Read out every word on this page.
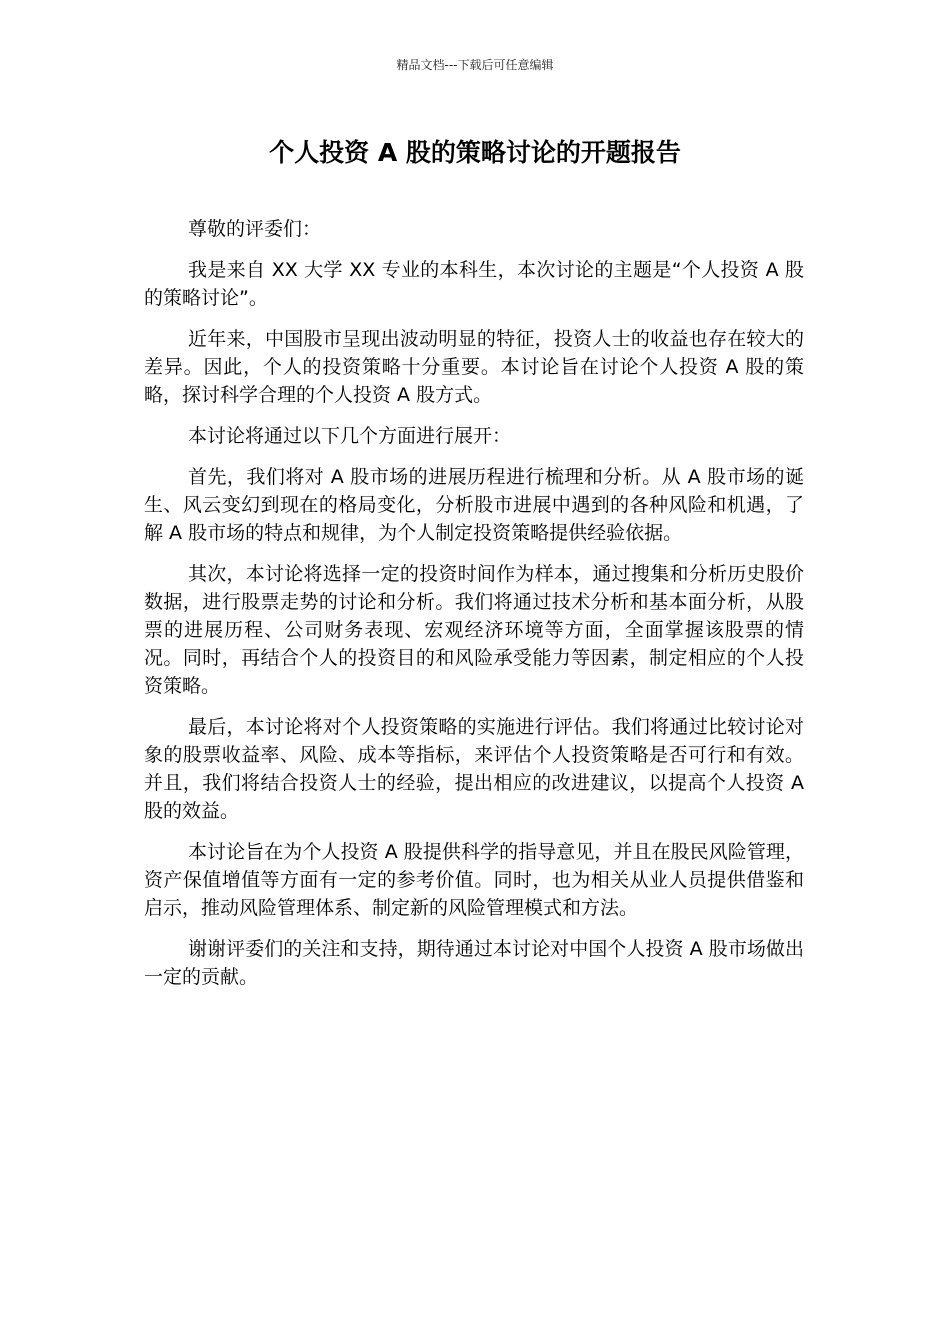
精品文档---下载后可任意编辑
个人投资 A 股的策略讨论的开题报告

尊敬的评委们：

我是来自 XX 大学 XX 专业的本科生，本次讨论的主题是“个人投资 A 股的策略讨论”。

近年来，中国股市呈现出波动明显的特征，投资人士的收益也存在较大的差异。因此，个人的投资策略十分重要。本讨论旨在讨论个人投资 A 股的策略，探讨科学合理的个人投资 A 股方式。

本讨论将通过以下几个方面进行展开：

首先，我们将对 A 股市场的进展历程进行梳理和分析。从 A 股市场的诞生、风云变幻到现在的格局变化，分析股市进展中遇到的各种风险和机遇，了解 A 股市场的特点和规律，为个人制定投资策略提供经验依据。

其次，本讨论将选择一定的投资时间作为样本，通过搜集和分析历史股价数据，进行股票走势的讨论和分析。我们将通过技术分析和基本面分析，从股票的进展历程、公司财务表现、宏观经济环境等方面，全面掌握该股票的情况。同时，再结合个人的投资目的和风险承受能力等因素，制定相应的个人投资策略。

最后，本讨论将对个人投资策略的实施进行评估。我们将通过比较讨论对象的股票收益率、风险、成本等指标，来评估个人投资策略是否可行和有效。并且，我们将结合投资人士的经验，提出相应的改进建议，以提高个人投资 A 股的效益。

本讨论旨在为个人投资 A 股提供科学的指导意见，并且在股民风险管理，资产保值增值等方面有一定的参考价值。同时，也为相关从业人员提供借鉴和启示，推动风险管理体系、制定新的风险管理模式和方法。

谢谢评委们的关注和支持，期待通过本讨论对中国个人投资 A 股市场做出一定的贡献。
